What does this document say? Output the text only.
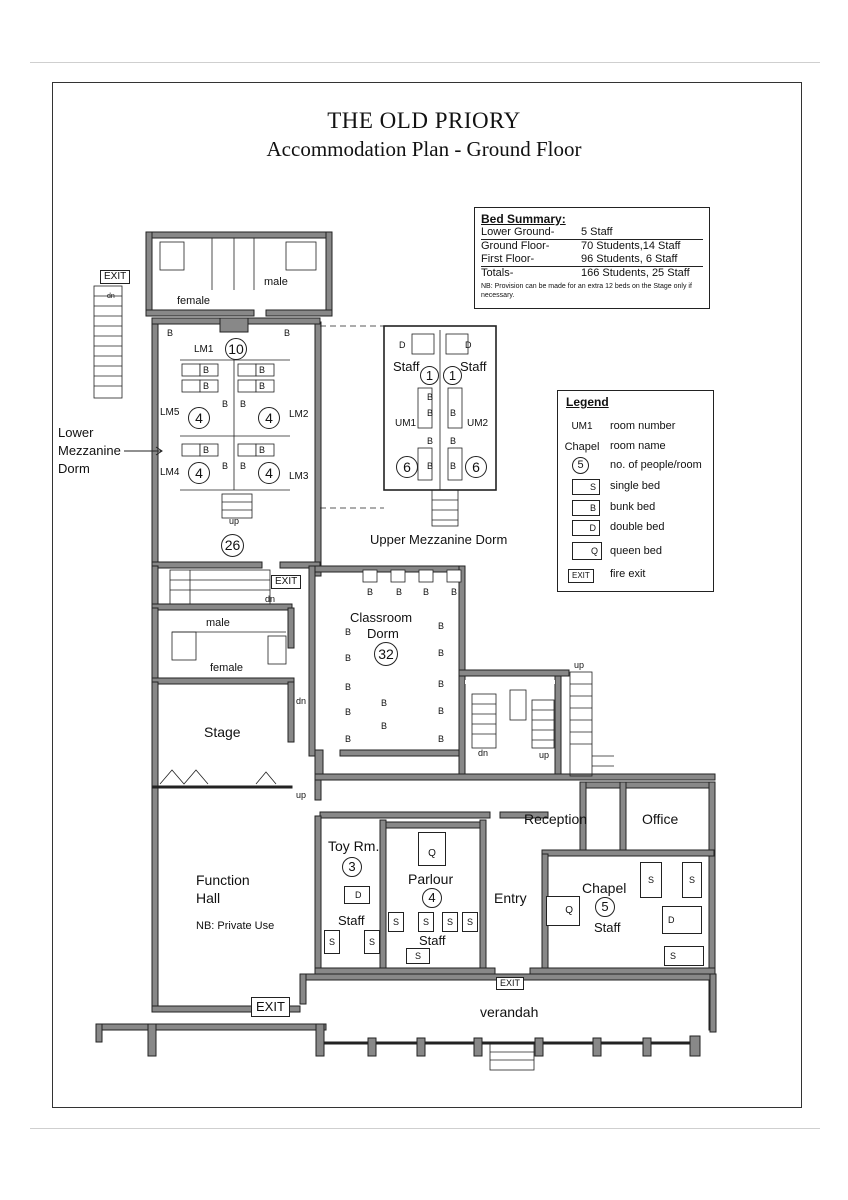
THE OLD PRIORY
Accommodation Plan - Ground Floor
Bed Summary:
Lower Ground-	5 Staff
Ground Floor-	70 Students,14 Staff
First Floor-	96 Students, 6 Staff
Totals-	166 Students, 25 Staff
NB: Provision can be made for an extra 12 beds on the Stage only if necessary.
Legend
UM1	room number
Chapel room name
5	no. of people/room
S	single bed
B	bunk bed
D	double bed
Q	queen bed
EXIT	fire exit
Lower
Mezzanine
Dorm
Upper Mezzanine Dorm
female
male
male
female
LM1 10
LM5	4	4	LM2
LM4	4	4	LM3
26
B	B
B	B
B	B
B B
B	B
B B
D	D
Staff
1	1
Staff
B
B B
B B
B B
UM1	UM2
6	6
Classroom
Dorm
32
B	B B B
B
B
B
B
B
B
B
B
B
B
B
B
Stage
Function
Hall
NB: Private Use
Toy Rm.
3
D
Staff
S	S
Q
Parlour
4
S	S	S	S
Staff
S
Entry
Reception	Office
Chapel
5
Staff
Q
S	S
D
S
verandah
EXIT
EXIT
EXIT
EXIT
dn
up
dn
dn
up
dn	up
up
